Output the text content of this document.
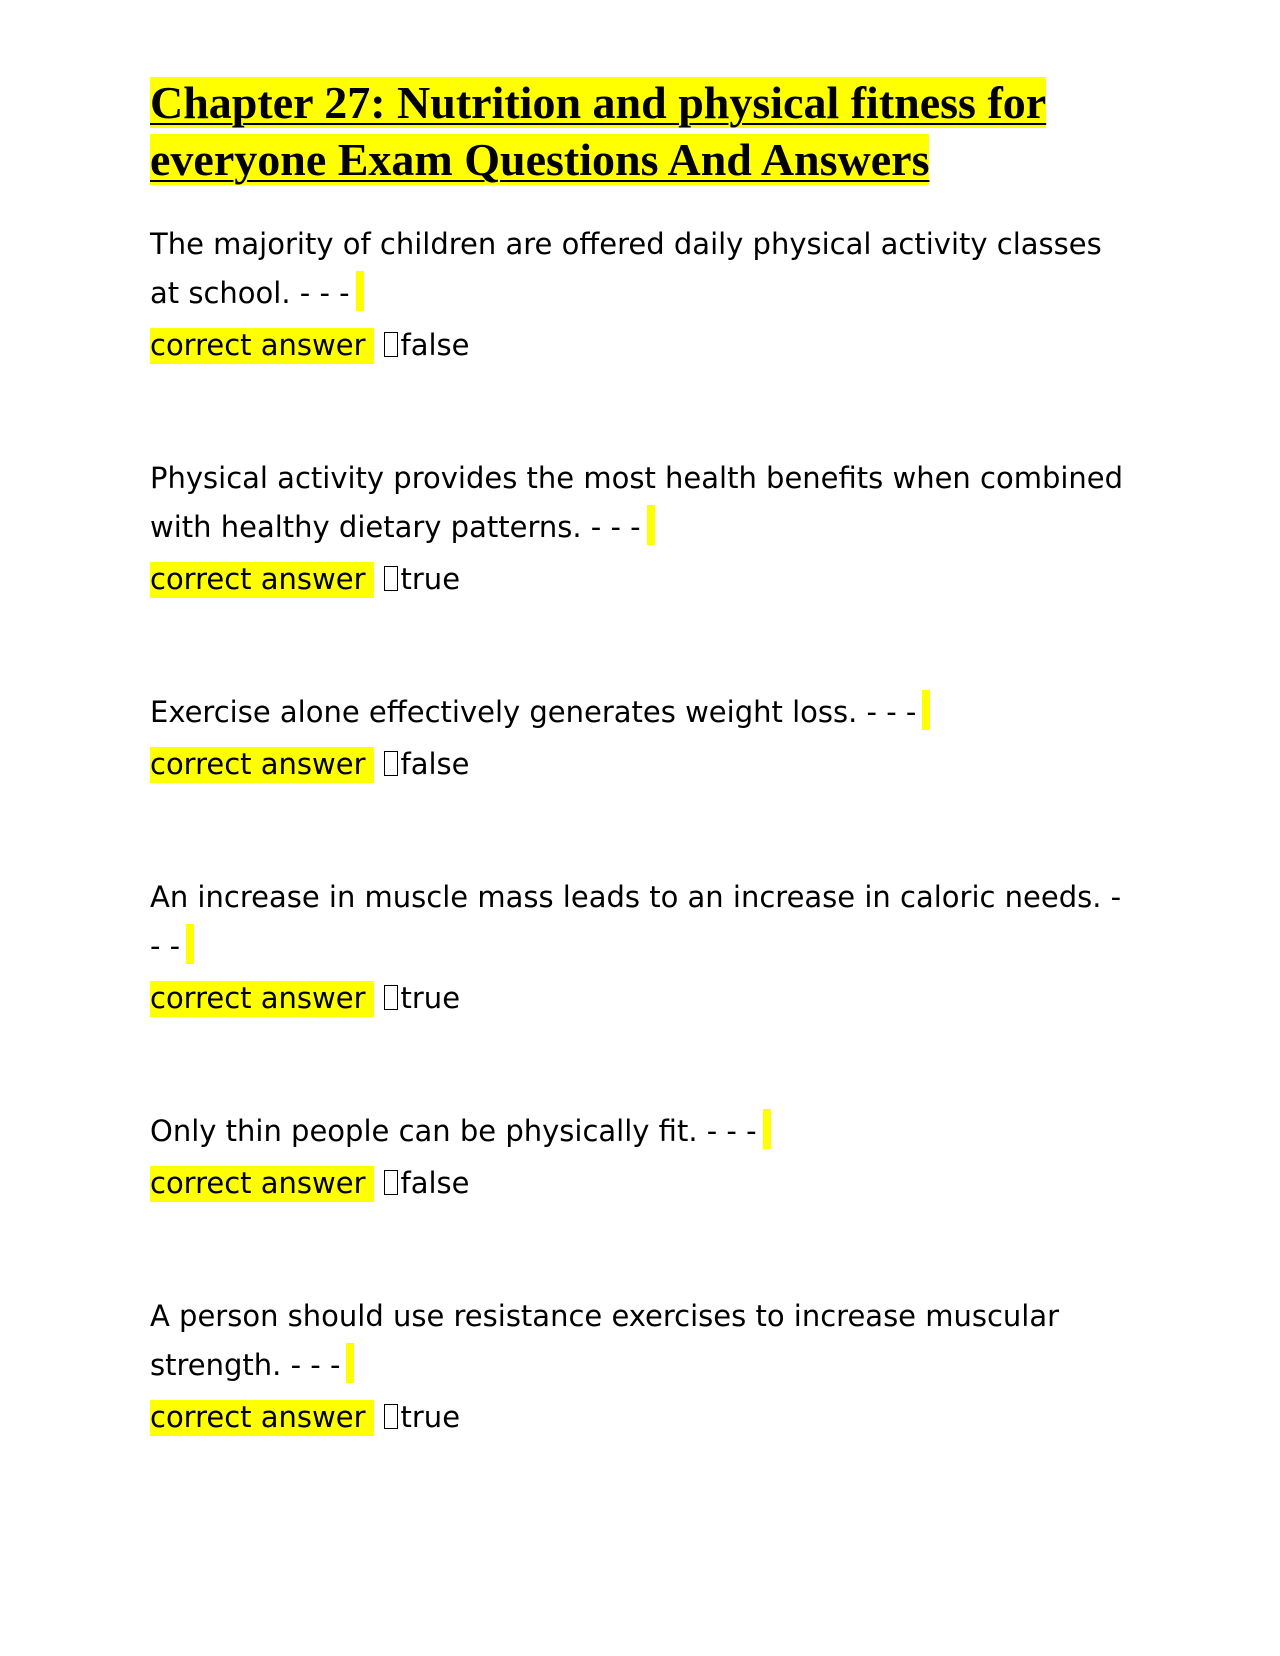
Chapter 27: Nutrition and physical fitness for
everyone Exam Questions And Answers

The majority of children are offered daily physical activity classes at school. - - -

correct answer false

Physical activity provides the most health benefits when combined with healthy dietary patterns. - - -

correct answer true

Exercise alone effectively generates weight loss. - - -

correct answer false

An increase in muscle mass leads to an increase in caloric needs. - - -

correct answer true

Only thin people can be physically fit. - - -

correct answer false

A person should use resistance exercises to increase muscular strength. - - -

correct answer true
